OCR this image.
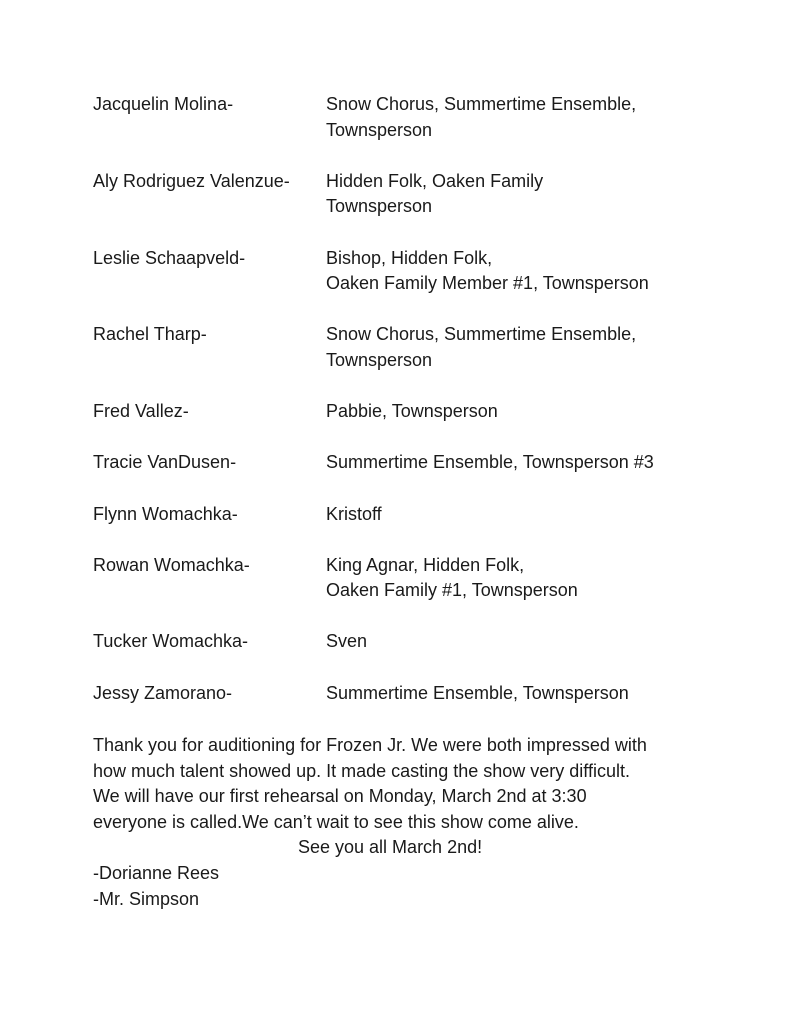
Jacquelin Molina-	Snow Chorus, Summertime Ensemble,
Townsperson
Aly Rodriguez Valenzue-	Hidden Folk, Oaken Family
Townsperson
Leslie Schaapveld-	Bishop, Hidden Folk,
Oaken Family Member #1, Townsperson
Rachel Tharp-	Snow Chorus, Summertime Ensemble,
Townsperson
Fred Vallez-	Pabbie, Townsperson
Tracie VanDusen-	Summertime Ensemble, Townsperson #3
Flynn Womachka-	Kristoff
Rowan Womachka-	King Agnar, Hidden Folk,
Oaken Family #1, Townsperson
Tucker Womachka-	Sven
Jessy Zamorano-	Summertime Ensemble, Townsperson
Thank you for auditioning for Frozen Jr. We were both impressed with
how much talent showed up. It made casting the show very difficult.
We will have our first rehearsal on Monday, March 2nd at 3:30
everyone is called.We can’t wait to see this show come alive.
See you all March 2nd!
-Dorianne Rees
-Mr. Simpson
